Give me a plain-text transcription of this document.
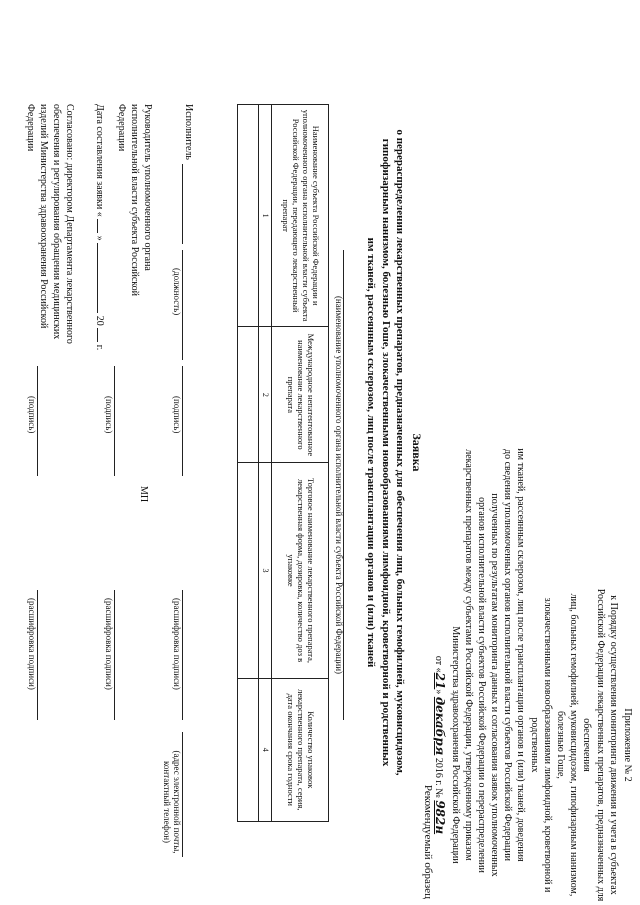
Приложение № 2
к Порядку осуществления мониторинга движения и учета в субъектах
Российской Федерации лекарственных препаратов, предназначенных для обеспечения
лиц, больных гемофилией, муковисцидозом, гипофизарным нанизмом, болезнью Гоше,
злокачественными новообразованиями лимфоидной, кроветворной и родственных
им тканей, рассеянным склерозом, лиц после трансплантации органов и (или) тканей, доведения
до сведения уполномоченных органов исполнительной власти субъектов Российской Федерации
полученных по результатам мониторинга данных и согласования заявок уполномоченных
органов исполнительной власти субъектов Российской Федерации о перераспределении
лекарственных препаратов между субъектами Российской Федерации, утвержденному приказом
Министерства здравоохранения Российской Федерации
от «21» декабря 2016 г. № 982н
Рекомендуемый образец
Заявка
о перераспределении лекарственных препаратов, предназначенных для обеспечения лиц, больных гемофилией, муковисцидозом,
гипофизарным нанизмом, болезнью Гоше, злокачественными новообразованиями лимфоидной, кроветворной и родственных
им тканей, рассеянным склерозом, лиц после трансплантации органов и (или) тканей
(наименование уполномоченного органа исполнительной власти субъекта Российской Федерации)
Наименование субъекта Российской Федерации и уполномоченного органа исполнительной власти субъекта Российской Федерации, передающего лекарственный препарат	Международное непатентованное наименование лекарственного препарата	Торговое наименование лекарственного препарата, лекарственная форма, дозировка, количество доз в упаковке	Количество упаковок лекарственного препарата, серия, дата окончания срока годности
1	2	3	4

Исполнитель
(должность)
(подпись)
(расшифровка подписи)
(адрес электронной почты, контактный телефон)
Руководитель уполномоченного органа исполнительной власти субъекта Российской Федерации
МП
(подпись)
(расшифровка подписи)
Дата составления заявки «  »  20  г.
Согласовано: директором Департамента лекарственного обеспечения и регулирования обращения медицинских изделий Министерства здравоохранения Российской Федерации
(подпись)
(расшифровка подписи)
